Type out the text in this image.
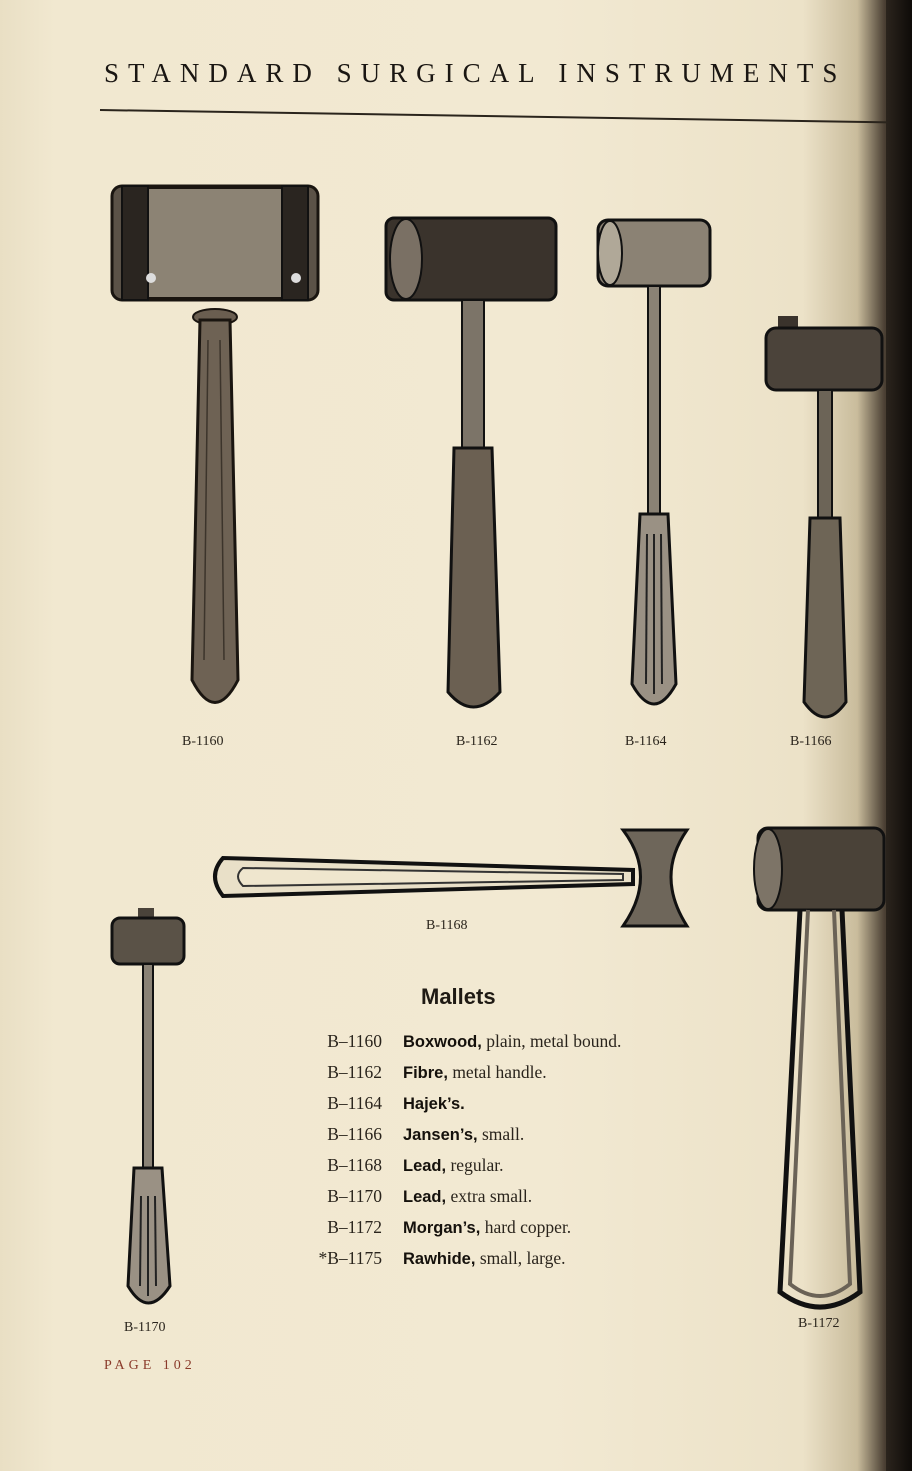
STANDARD SURGICAL INSTRUMENTS
B-1160	B-1162	B-1164	B-1166
B-1168
B-1170	B-1172
Mallets
B–1160	Boxwood, plain, metal bound.
B–1162	Fibre, metal handle.
B–1164	Hajek’s.
B–1166	Jansen’s, small.
B–1168	Lead, regular.
B–1170	Lead, extra small.
B–1172	Morgan’s, hard copper.
*B–1175	Rawhide, small, large.
PAGE 102
